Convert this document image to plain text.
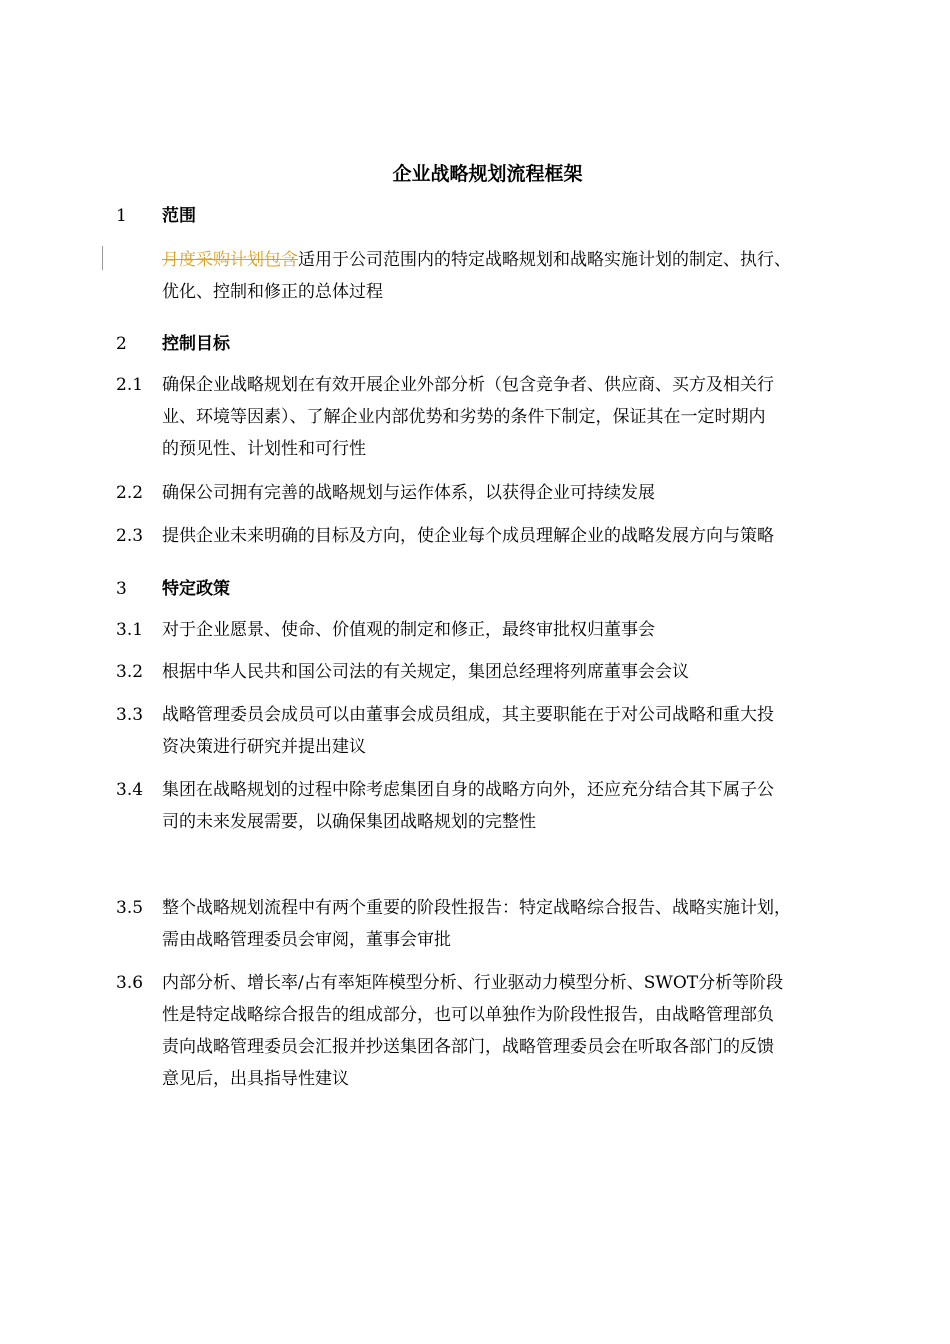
企业战略规划流程框架
1 范围
月度采购计划包含适用于公司范围内的特定战略规划和战略实施计划的制定、执行、
优化、控制和修正的总体过程
2 控制目标
2.1	确保企业战略规划在有效开展企业外部分析（包含竞争者、供应商、买方及相关行
业、环境等因素）、了解企业内部优势和劣势的条件下制定，保证其在一定时期内
的预见性、计划性和可行性
2.2	确保公司拥有完善的战略规划与运作体系，以获得企业可持续发展
2.3	提供企业未来明确的目标及方向，使企业每个成员理解企业的战略发展方向与策略
3 特定政策
3.1	对于企业愿景、使命、价值观的制定和修正，最终审批权归董事会
3.2	根据中华人民共和国公司法的有关规定，集团总经理将列席董事会会议
3.3	战略管理委员会成员可以由董事会成员组成，其主要职能在于对公司战略和重大投
资决策进行研究并提出建议
3.4	集团在战略规划的过程中除考虑集团自身的战略方向外，还应充分结合其下属子公
司的未来发展需要，以确保集团战略规划的完整性
3.5	整个战略规划流程中有两个重要的阶段性报告：特定战略综合报告、战略实施计划，
需由战略管理委员会审阅，董事会审批
3.6	内部分析、增长率/占有率矩阵模型分析、行业驱动力模型分析、SWOT分析等阶段
性是特定战略综合报告的组成部分，也可以单独作为阶段性报告，由战略管理部负
责向战略管理委员会汇报并抄送集团各部门，战略管理委员会在听取各部门的反馈
意见后，出具指导性建议
